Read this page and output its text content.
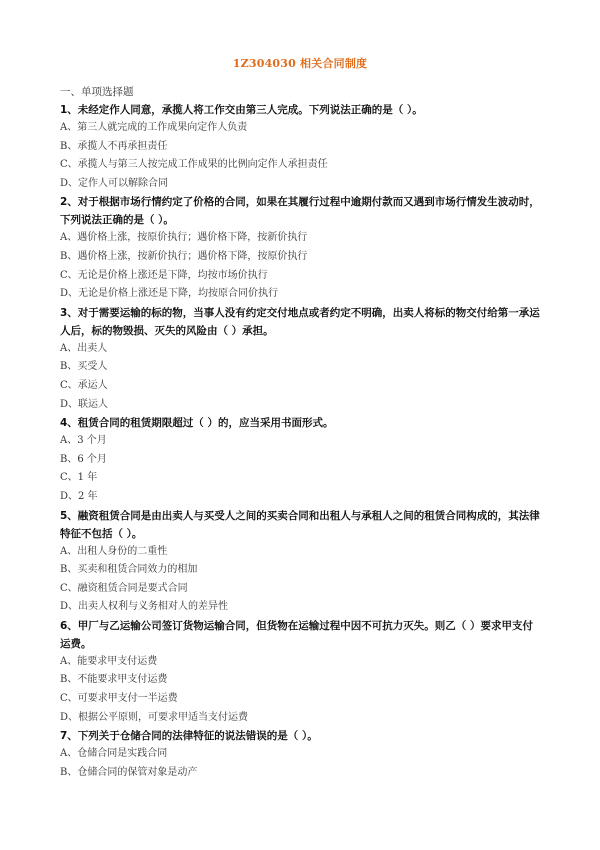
1Z304030 相关合同制度
一、单项选择题
1、未经定作人同意，承揽人将工作交由第三人完成。下列说法正确的是（ ）。
A、第三人就完成的工作成果向定作人负责
B、承揽人不再承担责任
C、承揽人与第三人按完成工作成果的比例向定作人承担责任
D、定作人可以解除合同
2、对于根据市场行情约定了价格的合同，如果在其履行过程中逾期付款而又遇到市场行情发生波动时，
下列说法正确的是（ ）。
A、遇价格上涨，按原价执行；遇价格下降，按新价执行
B、遇价格上涨，按新价执行；遇价格下降，按原价执行
C、无论是价格上涨还是下降，均按市场价执行
D、无论是价格上涨还是下降，均按原合同价执行
3、对于需要运输的标的物，当事人没有约定交付地点或者约定不明确，出卖人将标的物交付给第一承运
人后，标的物毁损、灭失的风险由（ ）承担。
A、出卖人
B、买受人
C、承运人
D、联运人
4、租赁合同的租赁期限超过（ ）的，应当采用书面形式。
A、3 个月
B、6 个月
C、1 年
D、2 年
5、融资租赁合同是由出卖人与买受人之间的买卖合同和出租人与承租人之间的租赁合同构成的，其法律
特征不包括（ ）。
A、出租人身份的二重性
B、买卖和租赁合同效力的相加
C、融资租赁合同是要式合同
D、出卖人权利与义务相对人的差异性
6、甲厂与乙运输公司签订货物运输合同，但货物在运输过程中因不可抗力灭失。则乙（ ）要求甲支付
运费。
A、能要求甲支付运费
B、不能要求甲支付运费
C、可要求甲支付一半运费
D、根据公平原则，可要求甲适当支付运费
7、下列关于仓储合同的法律特征的说法错误的是（ ）。
A、仓储合同是实践合同
B、仓储合同的保管对象是动产
